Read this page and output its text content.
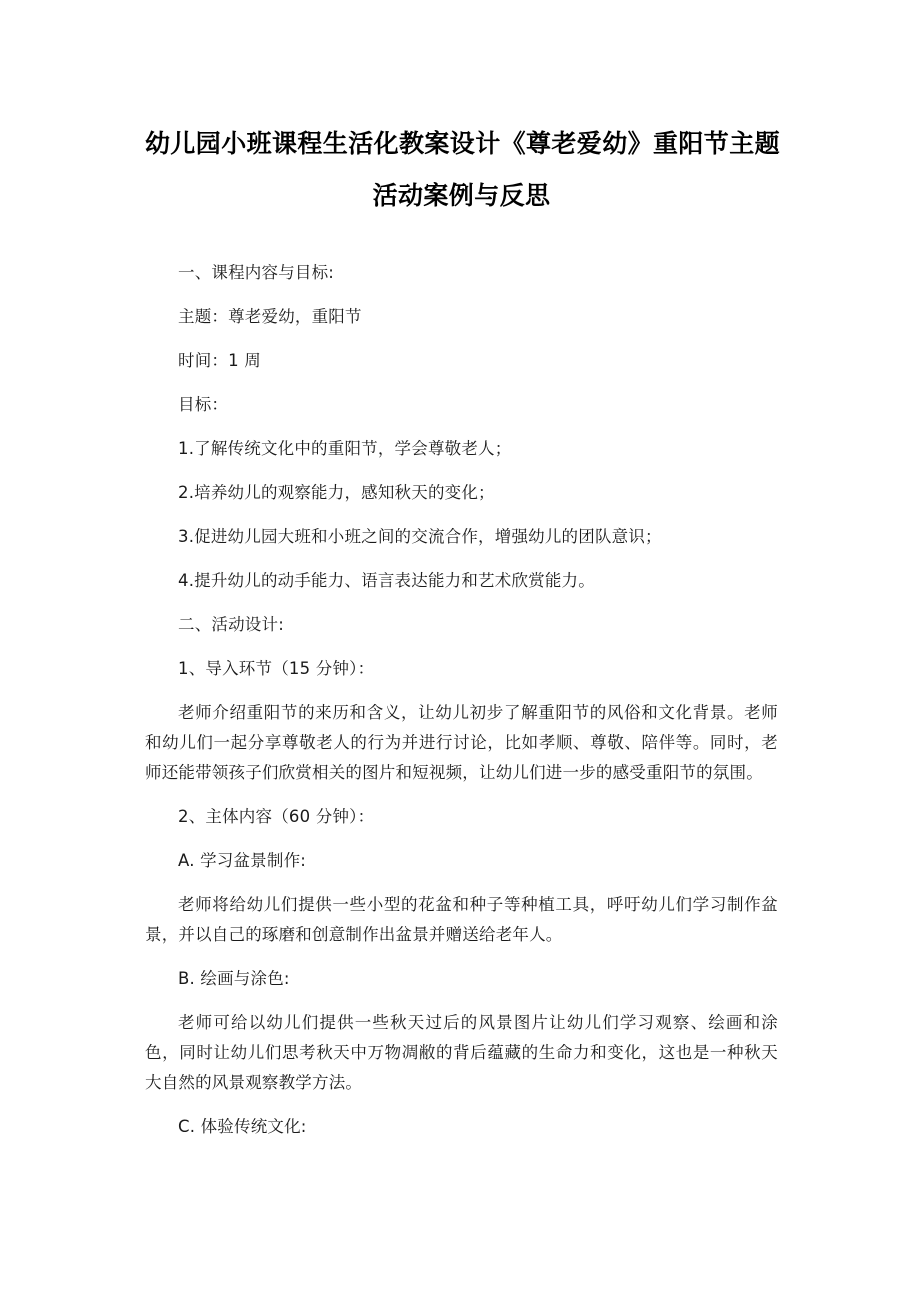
幼儿园小班课程生活化教案设计《尊老爱幼》重阳节主题
活动案例与反思

一、课程内容与目标:

主题：尊老爱幼，重阳节

时间：1 周

目标：

1.了解传统文化中的重阳节，学会尊敬老人；

2.培养幼儿的观察能力，感知秋天的变化；

3.促进幼儿园大班和小班之间的交流合作，增强幼儿的团队意识；

4.提升幼儿的动手能力、语言表达能力和艺术欣赏能力。

二、活动设计:

1、导入环节（15 分钟）：

老师介绍重阳节的来历和含义，让幼儿初步了解重阳节的风俗和文化背景。老师和幼儿们一起分享尊敬老人的行为并进行讨论，比如孝顺、尊敬、陪伴等。同时，老师还能带领孩子们欣赏相关的图片和短视频，让幼儿们进一步的感受重阳节的氛围。

2、主体内容（60 分钟）：

A. 学习盆景制作:

老师将给幼儿们提供一些小型的花盆和种子等种植工具，呼吁幼儿们学习制作盆景，并以自己的琢磨和创意制作出盆景并赠送给老年人。

B. 绘画与涂色:

老师可给以幼儿们提供一些秋天过后的风景图片让幼儿们学习观察、绘画和涂色，同时让幼儿们思考秋天中万物凋敝的背后蕴藏的生命力和变化，这也是一种秋天大自然的风景观察教学方法。

C. 体验传统文化:
